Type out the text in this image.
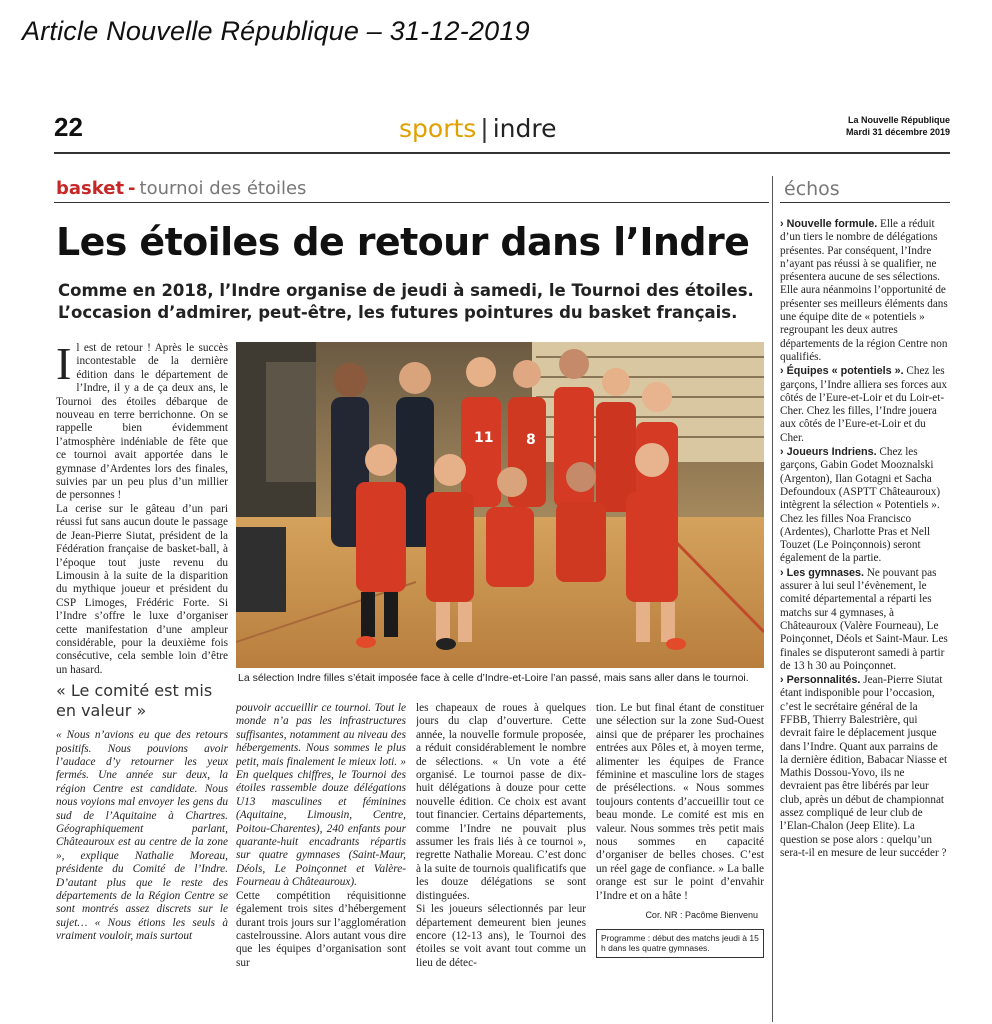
Article Nouvelle République – 31-12-2019
22	sports | indre	La Nouvelle République
Mardi 31 décembre 2019
basket - tournoi des étoiles	échos
Les étoiles de retour dans l’Indre
Comme en 2018, l’Indre organise de jeudi à samedi, le Tournoi des étoiles. L’occasion d’admirer, peut-être, les futures pointures du basket français.

Il est de retour ! Après le succès incontestable de la dernière édition dans le département de l’Indre, il y a de ça deux ans, le Tournoi des étoiles débarque de nouveau en terre berrichonne. On se rappelle bien évidemment l’atmosphère indéniable de fête que ce tournoi avait apportée dans le gymnase d’Ardentes lors des finales, suivies par un peu plus d’un millier de personnes !

La cerise sur le gâteau d’un pari réussi fut sans aucun doute le passage de Jean-Pierre Siutat, président de la Fédération française de basket-ball, à l’époque tout juste revenu du Limousin à la suite de la disparition du mythique joueur et président du CSP Limoges, Frédéric Forte. Si l’Indre s’offre le luxe d’organiser cette manifestation d’une ampleur considérable, pour la deuxième fois consécutive, cela semble loin d’être un hasard.

« Le comité est mis en valeur »

« Nous n’avions eu que des retours positifs. Nous pouvions avoir l’audace d’y retourner les yeux fermés. Une année sur deux, la région Centre est candidate. Nous nous voyions mal envoyer les gens du sud de l’Aquitaine à Chartres. Géographiquement parlant, Châteauroux est au centre de la zone », explique Nathalie Moreau, présidente du Comité de l’Indre. D’autant plus que le reste des départements de la Région Centre se sont montrés assez discrets sur le sujet… « Nous étions les seuls à vraiment vouloir, mais surtout

11 8
La sélection Indre filles s’était imposée face à celle d’Indre-et-Loire l’an passé, mais sans aller dans le tournoi.

pouvoir accueillir ce tournoi. Tout le monde n’a pas les infrastructures suffisantes, notamment au niveau des hébergements. Nous sommes le plus petit, mais finalement le mieux loti. » En quelques chiffres, le Tournoi des étoiles rassemble douze délégations U13 masculines et féminines (Aquitaine, Limousin, Centre, Poitou-Charentes), 240 enfants pour quarante-huit encadrants répartis sur quatre gymnases (Saint-Maur, Déols, Le Poinçonnet et Valère-Fourneau à Châteauroux).

Cette compétition réquisitionne également trois sites d’hébergement durant trois jours sur l’agglomération castelroussine. Alors autant vous dire que les équipes d’organisation sont sur

les chapeaux de roues à quelques jours du clap d’ouverture. Cette année, la nouvelle formule proposée, a réduit considérablement le nombre de sélections. « Un vote a été organisé. Le tournoi passe de dix-huit délégations à douze pour cette nouvelle édition. Ce choix est avant tout financier. Certains départements, comme l’Indre ne pouvait plus assumer les frais liés à ce tournoi », regrette Nathalie Moreau. C’est donc à la suite de tournois qualificatifs que les douze délégations se sont distinguées.

Si les joueurs sélectionnés par leur département demeurent bien jeunes encore (12-13 ans), le Tournoi des étoiles se voit avant tout comme un lieu de détec-

tion. Le but final étant de constituer une sélection sur la zone Sud-Ouest ainsi que de préparer les prochaines entrées aux Pôles et, à moyen terme, alimenter les équipes de France féminine et masculine lors de stages de présélections. « Nous sommes toujours contents d’accueillir tout ce beau monde. Le comité est mis en valeur. Nous sommes très petit mais nous sommes en capacité d’organiser de belles choses. C’est un réel gage de confiance. » La balle orange est sur le point d’envahir l’Indre et on a hâte !

Cor. NR : Pacôme Bienvenu
Programme : début des matchs jeudi à 15 h dans les quatre gymnases.

› Nouvelle formule. Elle a réduit d’un tiers le nombre de délégations présentes. Par conséquent, l’Indre n’ayant pas réussi à se qualifier, ne présentera aucune de ses sélections. Elle aura néanmoins l’opportunité de présenter ses meilleurs éléments dans une équipe dite de « potentiels » regroupant les deux autres départements de la région Centre non qualifiés.

› Équipes « potentiels ». Chez les garçons, l’Indre alliera ses forces aux côtés de l’Eure-et-Loir et du Loir-et-Cher. Chez les filles, l’Indre jouera aux côtés de l’Eure-et-Loir et du Cher.

› Joueurs Indriens. Chez les garçons, Gabin Godet Mooznalski (Argenton), Ilan Gotagni et Sacha Defoundoux (ASPTT Châteauroux) intègrent la sélection « Potentiels ». Chez les filles Noa Francisco (Ardentes), Charlotte Pras et Nell Touzet (Le Poinçonnois) seront également de la partie.

› Les gymnases. Ne pouvant pas assurer à lui seul l’évènement, le comité départemental a réparti les matchs sur 4 gymnases, à Châteauroux (Valère Fourneau), Le Poinçonnet, Déols et Saint-Maur. Les finales se disputeront samedi à partir de 13 h 30 au Poinçonnet.

› Personnalités. Jean-Pierre Siutat étant indisponible pour l’occasion, c’est le secrétaire général de la FFBB, Thierry Balestrière, qui devrait faire le déplacement jusque dans l’Indre. Quant aux parrains de la dernière édition, Babacar Niasse et Mathis Dossou-Yovo, ils ne devraient pas être libérés par leur club, après un début de championnat assez compliqué de leur club de l’Elan-Chalon (Jeep Elite). La question se pose alors : quelqu’un sera-t-il en mesure de leur succéder ?
